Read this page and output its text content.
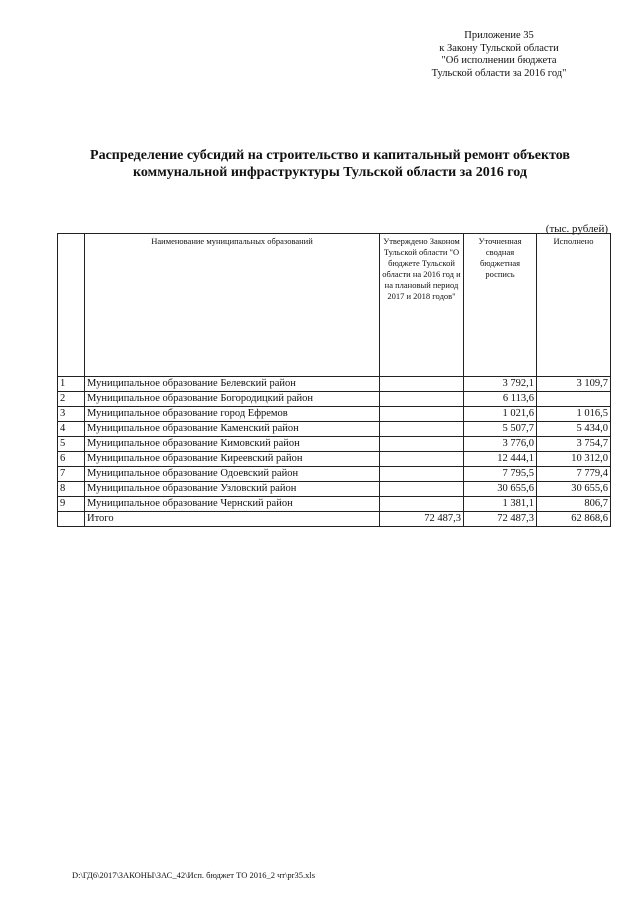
Приложение 35
к Закону Тульской области
"Об исполнении бюджета
Тульской области за 2016 год"
Распределение субсидий на строительство и капитальный ремонт объектов
коммунальной инфраструктуры Тульской области за 2016 год
(тыс. рублей)
	Наименование муниципальных образований	Утверждено Законом Тульской области "О бюджете Тульской области на 2016 год и на плановый период 2017 и 2018 годов"	Уточненная сводная бюджетная роспись	Исполнено
1	Муниципальное образование Белевский район		3 792,1	3 109,7
2	Муниципальное образование Богородицкий район		6 113,6	
3	Муниципальное образование город Ефремов		1 021,6	1 016,5
4	Муниципальное образование Каменский район		5 507,7	5 434,0
5	Муниципальное образование Кимовский район		3 776,0	3 754,7
6	Муниципальное образование Киреевский район		12 444,1	10 312,0
7	Муниципальное образование Одоевский район		7 795,5	7 779,4
8	Муниципальное образование Узловский район		30 655,6	30 655,6
9	Муниципальное образование Чернский район		1 381,1	806,7
	Итого	72 487,3	72 487,3	62 868,6
D:\ГД6\2017\ЗАКОНЫ\ЗАС_42\Исп. бюджет ТО 2016_2 чт\pr35.xls
